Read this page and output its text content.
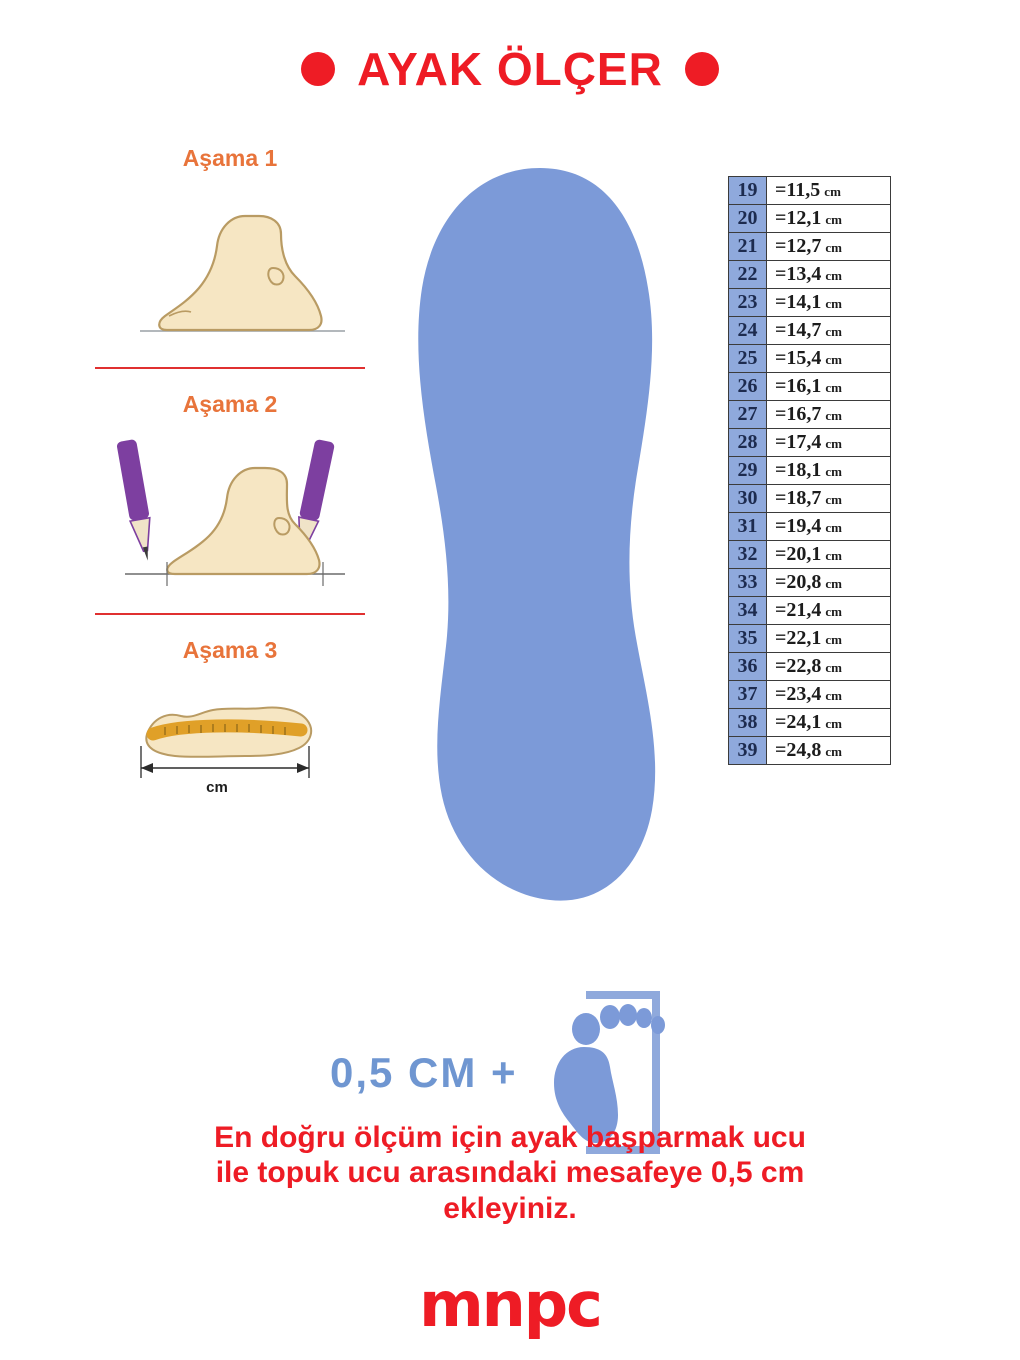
AYAK ÖLÇER
Aşama 1
Aşama 2
Aşama 3
cm
19	=11,5 cm
20	=12,1 cm
21	=12,7 cm
22	=13,4 cm
23	=14,1 cm
24	=14,7 cm
25	=15,4 cm
26	=16,1 cm
27	=16,7 cm
28	=17,4 cm
29	=18,1 cm
30	=18,7 cm
31	=19,4 cm
32	=20,1 cm
33	=20,8 cm
34	=21,4 cm
35	=22,1 cm
36	=22,8 cm
37	=23,4 cm
38	=24,1 cm
39	=24,8 cm
0,5 CM +
En doğru ölçüm için ayak başparmak ucu
ile topuk ucu arasındaki mesafeye 0,5 cm
ekleyiniz.
mnpc
